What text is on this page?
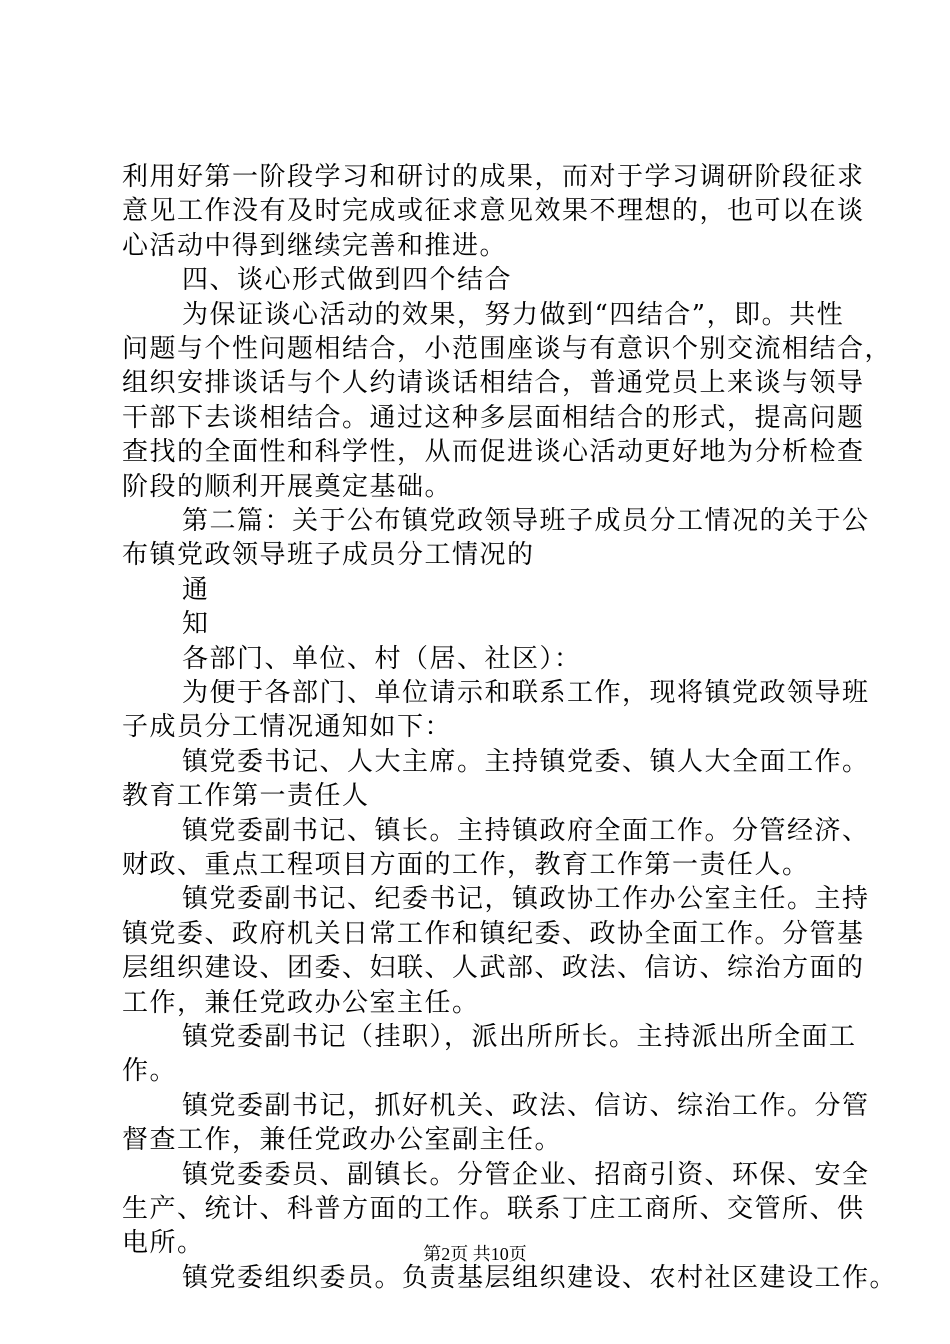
利用好第一阶段学习和研讨的成果，而对于学习调研阶段征求
意见工作没有及时完成或征求意见效果不理想的，也可以在谈
心活动中得到继续完善和推进。
四、谈心形式做到四个结合
为保证谈心活动的效果，努力做到“四结合”，即。共性
问题与个性问题相结合，小范围座谈与有意识个别交流相结合，
组织安排谈话与个人约请谈话相结合，普通党员上来谈与领导
干部下去谈相结合。通过这种多层面相结合的形式，提高问题
查找的全面性和科学性，从而促进谈心活动更好地为分析检查
阶段的顺利开展奠定基础。
第二篇：关于公布镇党政领导班子成员分工情况的关于公
布镇党政领导班子成员分工情况的
通
知
各部门、单位、村（居、社区）：
为便于各部门、单位请示和联系工作，现将镇党政领导班
子成员分工情况通知如下：
镇党委书记、人大主席。主持镇党委、镇人大全面工作。
教育工作第一责任人
镇党委副书记、镇长。主持镇政府全面工作。分管经济、
财政、重点工程项目方面的工作，教育工作第一责任人。
镇党委副书记、纪委书记，镇政协工作办公室主任。主持
镇党委、政府机关日常工作和镇纪委、政协全面工作。分管基
层组织建设、团委、妇联、人武部、政法、信访、综治方面的
工作，兼任党政办公室主任。
镇党委副书记（挂职），派出所所长。主持派出所全面工
作。
镇党委副书记，抓好机关、政法、信访、综治工作。分管
督查工作，兼任党政办公室副主任。
镇党委委员、副镇长。分管企业、招商引资、环保、安全
生产、统计、科普方面的工作。联系丁庄工商所、交管所、供
电所。
镇党委组织委员。负责基层组织建设、农村社区建设工作。
第2页 共10页
